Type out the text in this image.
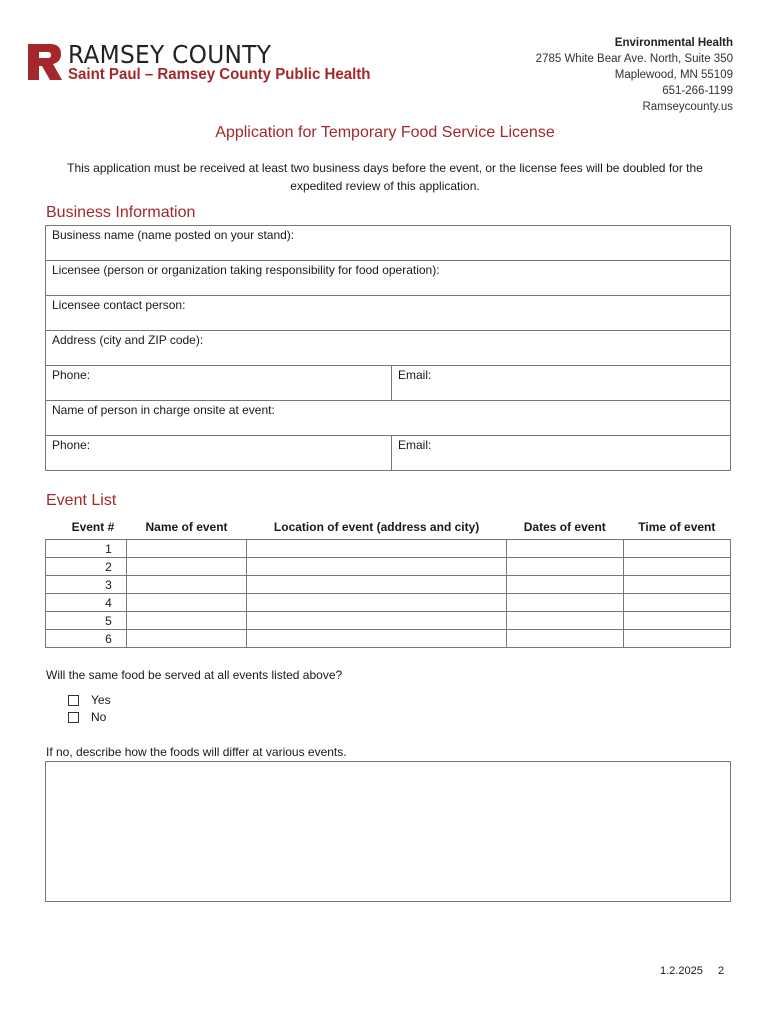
RAMSEY COUNTY
Saint Paul – Ramsey County Public Health
Environmental Health
2785 White Bear Ave. North, Suite 350
Maplewood, MN 55109
651-266-1199
Ramseycounty.us
Application for Temporary Food Service License
This application must be received at least two business days before the event, or the license fees will be doubled for the expedited review of this application.
Business Information
Business name (name posted on your stand):	
Licensee (person or organization taking responsibility for food operation):	
Licensee contact person:	
Address (city and ZIP code):	
Phone:	Email:
Name of person in charge onsite at event:	
Phone:	Email:
Event List
Event #	Name of event	Location of event (address and city)	Dates of event	Time of event
1				
2				
3				
4				
5				
6				
Will the same food be served at all events listed above?
Yes
No
If no, describe how the foods will differ at various events.
1.2.2025 2
